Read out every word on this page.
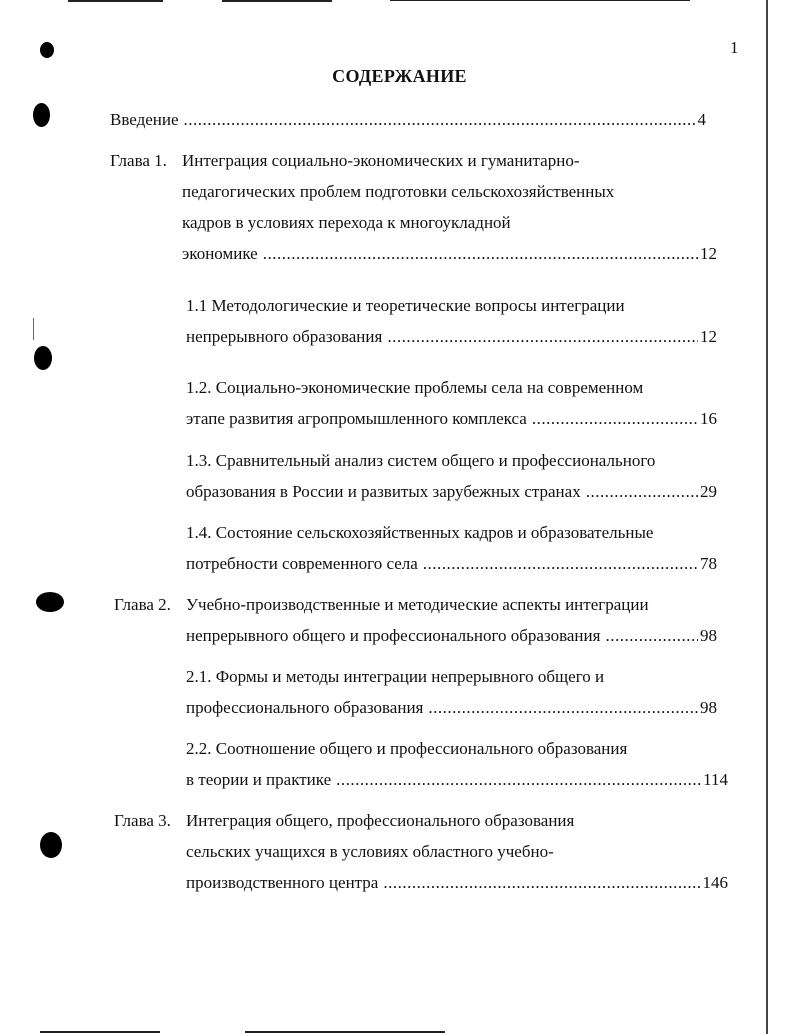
1
СОДЕРЖАНИЕ
Введение .....	4
Глава 1. Интеграция социально-экономических и гуманитарно-
педагогических проблем подготовки сельскохозяйственных
кадров в условиях перехода к многоукладной
экономике .....	12
1.1 Методологические и теоретические вопросы интеграции
непрерывного образования .....	12
1.2. Социально-экономические проблемы села на современном
этапе развития агропромышленного комплекса .....	16
1.3. Сравнительный анализ систем общего и профессионального
образования в России и развитых зарубежных странах .....	29
1.4. Состояние сельскохозяйственных кадров и образовательные
потребности современного села .....	78
Глава 2. Учебно-производственные и методические аспекты интеграции
непрерывного общего и профессионального образования .....	98
2.1. Формы и методы интеграции непрерывного общего и
профессионального образования .....	98
2.2. Соотношение общего и профессионального образования
в теории и практике .....	114
Глава 3. Интеграция общего, профессионального образования
сельских учащихся в условиях областного учебно-
производственного центра .....	146
